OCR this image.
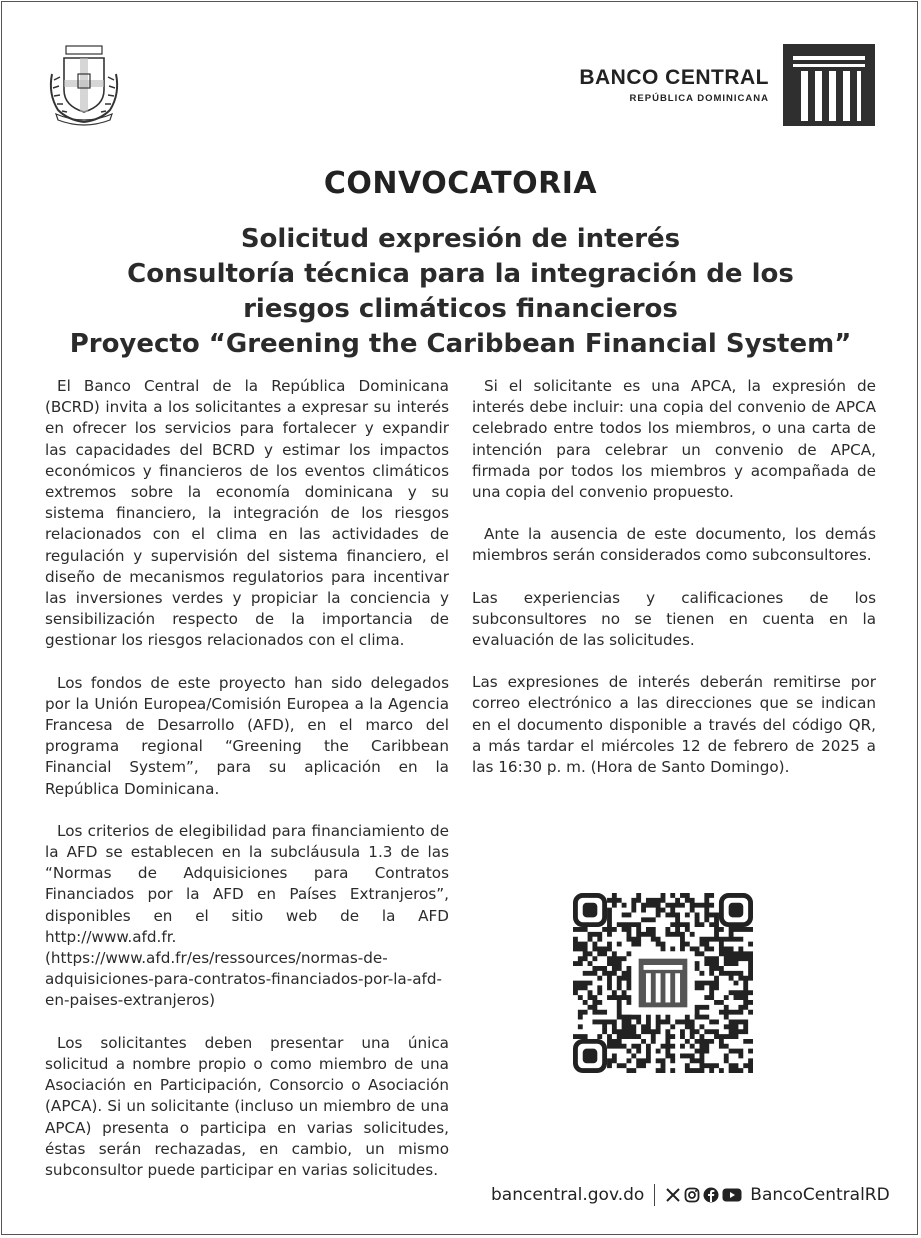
BANCO CENTRAL
REPÚBLICA DOMINICANA
CONVOCATORIA
Solicitud expresión de interés
Consultoría técnica para la integración de los
riesgos climáticos financieros
Proyecto “Greening the Caribbean Financial System”

El Banco Central de la República Dominicana (BCRD) invita a los solicitantes a expresar su interés en ofrecer los servicios para fortalecer y expandir las capacidades del BCRD y estimar los impactos económicos y financieros de los eventos climáticos extremos sobre la economía dominicana y su sistema financiero, la integración de los riesgos relacionados con el clima en las actividades de regulación y supervisión del sistema financiero, el diseño de mecanismos regulatorios para incentivar las inversiones verdes y propiciar la conciencia y sensibilización respecto de la importancia de gestionar los riesgos relacionados con el clima.

Los fondos de este proyecto han sido delegados por la Unión Europea/Comisión Europea a la Agencia Francesa de Desarrollo (AFD), en el marco del programa regional “Greening the Caribbean Financial System”, para su aplicación en la República Dominicana.

Los criterios de elegibilidad para financiamiento de la AFD se establecen en la subcláusula 1.3 de las “Normas de Adquisiciones para Contratos Financiados por la AFD en Países Extranjeros”, disponibles en el sitio web de la AFD http://www.afd.fr. (https://www.afd.fr/es/ressources/normas-de-adquisiciones-para-contratos-financiados-por-la-afd-en-paises-extranjeros)

Los solicitantes deben presentar una única solicitud a nombre propio o como miembro de una Asociación en Participación, Consorcio o Asociación (APCA). Si un solicitante (incluso un miembro de una APCA) presenta o participa en varias solicitudes, éstas serán rechazadas, en cambio, un mismo subconsultor puede participar en varias solicitudes.

Si el solicitante es una APCA, la expresión de interés debe incluir: una copia del convenio de APCA celebrado entre todos los miembros, o una carta de intención para celebrar un convenio de APCA, firmada por todos los miembros y acompañada de una copia del convenio propuesto.

Ante la ausencia de este documento, los demás miembros serán considerados como subconsultores.

Las experiencias y calificaciones de los subconsultores no se tienen en cuenta en la evaluación de las solicitudes.

Las expresiones de interés deberán remitirse por correo electrónico a las direcciones que se indican en el documento disponible a través del código QR, a más tardar el miércoles 12 de febrero de 2025 a las 16:30 p. m. (Hora de Santo Domingo).

bancentral.gov.do	BancoCentralRD
